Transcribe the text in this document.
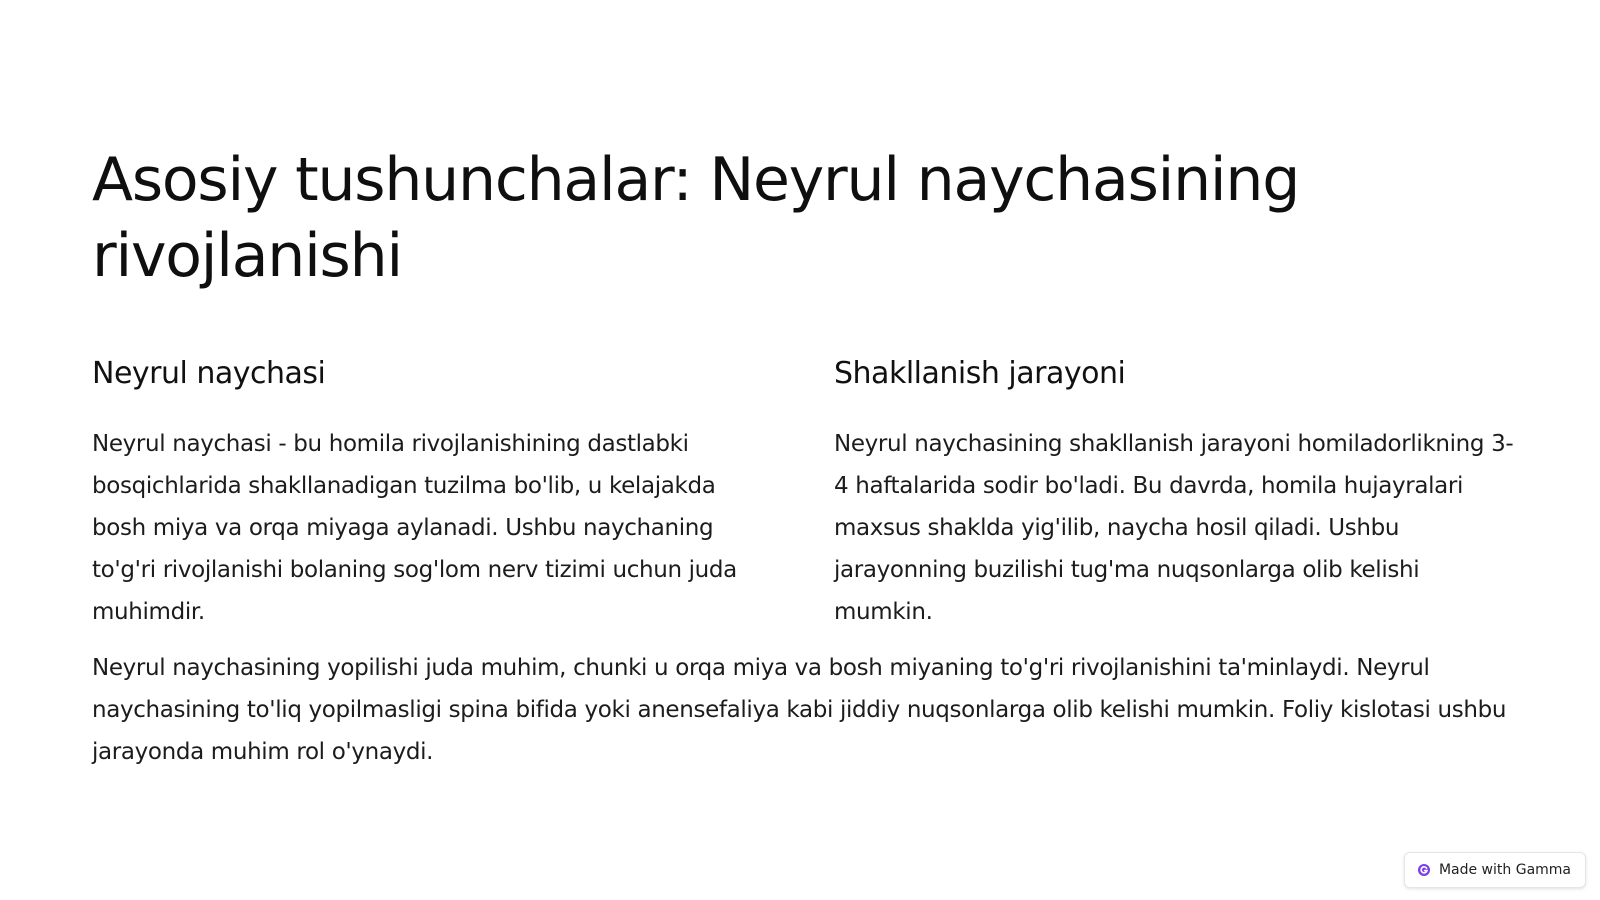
Asosiy tushunchalar: Neyrul naychasining rivojlanishi
Neyrul naychasi

Neyrul naychasi - bu homila rivojlanishining dastlabki bosqichlarida shakllanadigan tuzilma bo'lib, u kelajakda bosh miya va orqa miyaga aylanadi. Ushbu naychaning to'g'ri rivojlanishi bolaning sog'lom nerv tizimi uchun juda muhimdir.

Shakllanish jarayoni

Neyrul naychasining shakllanish jarayoni homiladorlikning 3-4 haftalarida sodir bo'ladi. Bu davrda, homila hujayralari maxsus shaklda yig'ilib, naycha hosil qiladi. Ushbu jarayonning buzilishi tug'ma nuqsonlarga olib kelishi mumkin.

Neyrul naychasining yopilishi juda muhim, chunki u orqa miya va bosh miyaning to'g'ri rivojlanishini ta'minlaydi. Neyrul naychasining to'liq yopilmasligi spina bifida yoki anensefaliya kabi jiddiy nuqsonlarga olib kelishi mumkin. Foliy kislotasi ushbu jarayonda muhim rol o'ynaydi.

Made with Gamma
